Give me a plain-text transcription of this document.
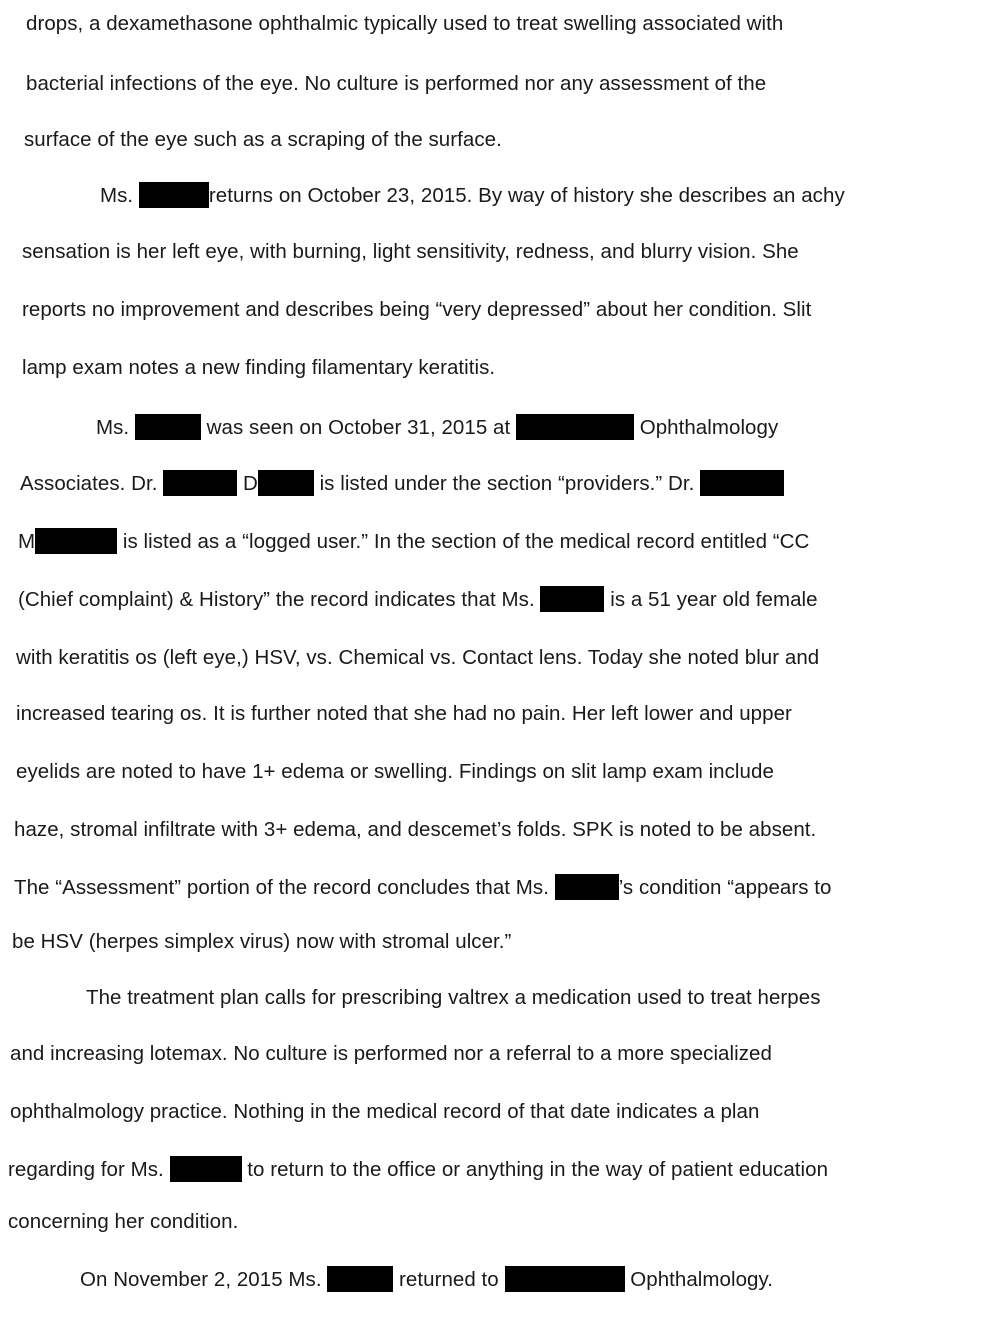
drops, a dexamethasone ophthalmic typically used to treat swelling associated with
bacterial infections of the eye. No culture is performed nor any assessment of the
surface of the eye such as a scraping of the surface.
Ms.	returns on October 23, 2015. By way of history she describes an achy
sensation is her left eye, with burning, light sensitivity, redness, and blurry vision. She
reports no improvement and describes being “very depressed” about her condition. Slit
lamp exam notes a new finding filamentary keratitis.
Ms.	was seen on October 31, 2015 at	Ophthalmology
Associates. Dr.	D	is listed under the section “providers.” Dr.
M	is listed as a “logged user.” In the section of the medical record entitled “CC
(Chief complaint) & History” the record indicates that Ms.	is a 51 year old female
with keratitis os (left eye,) HSV, vs. Chemical vs. Contact lens. Today she noted blur and
increased tearing os. It is further noted that she had no pain. Her left lower and upper
eyelids are noted to have 1+ edema or swelling. Findings on slit lamp exam include
haze, stromal infiltrate with 3+ edema, and descemet’s folds. SPK is noted to be absent.
The “Assessment” portion of the record concludes that Ms.	’s condition “appears to
be HSV (herpes simplex virus) now with stromal ulcer.”
The treatment plan calls for prescribing valtrex a medication used to treat herpes
and increasing lotemax. No culture is performed nor a referral to a more specialized
ophthalmology practice. Nothing in the medical record of that date indicates a plan
regarding for Ms.	to return to the office or anything in the way of patient education
concerning her condition.
On November 2, 2015 Ms.	returned to	Ophthalmology.
